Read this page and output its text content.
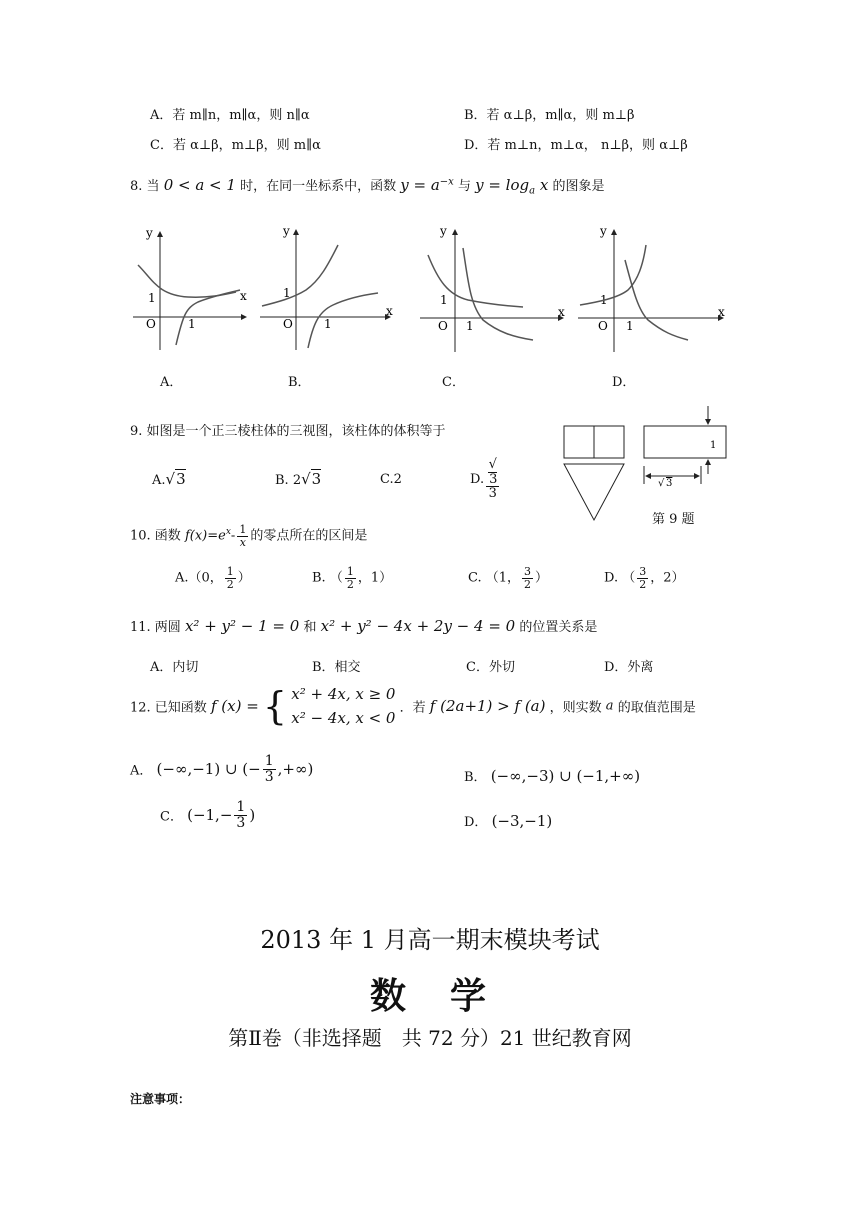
A．若 m∥n，m∥α，则 n∥α	B．若 α⊥β，m∥α，则 m⊥β
C．若 α⊥β，m⊥β，则 m∥α	D．若 m⊥n，m⊥α， n⊥β，则 α⊥β
8. 当 0 < a < 1 时，在同一坐标系中，函数 $y = a^{-x}$ 与 $y = \log_a x$ 的图象是
y
x
O
1
1
y
x
O
1
1
y
x
O
1
1
y
x
O
1
1
A．	B．	C．	D．
9. 如图是一个正三棱柱体的三视图，该柱体的体积等于
A.√3	B. 2√3	C.2	D. √
3
3
1
√ 3
第 9 题
10. 函数 $f(x)=e^x- \frac{1}{x}$ 的零点所在的区间是
A.（0， $\frac{1}{2}$ ）	B. （ $\frac{1}{2}$ ，1）	C. （1， $\frac{3}{2}$ ）	D. （ $\frac{3}{2}$ ，2）
11. 两圆 x² + y² − 1 = 0 和 x² + y² − 4x + 2y − 4 = 0 的位置关系是
A．内切	B．相交	C．外切	D．外离
12. 已知函数 f (x) = { x² + 4x, x ≥ 0
x² − 4x, x < 0
．若 f (2a+1) > f (a) ，则实数 a 的取值范围是
A． (−∞,−1) ∪ (− $\frac{1}{3}$ ,+∞)	B． (−∞,−3) ∪ (−1,+∞)
C． ($-1,- \frac{1}{3}$ )	D． (−3,−1)
2013 年 1 月高一期末模块考试
数　学
第Ⅱ卷（非选择题　共 72 分）21 世纪教育网
注意事项：
